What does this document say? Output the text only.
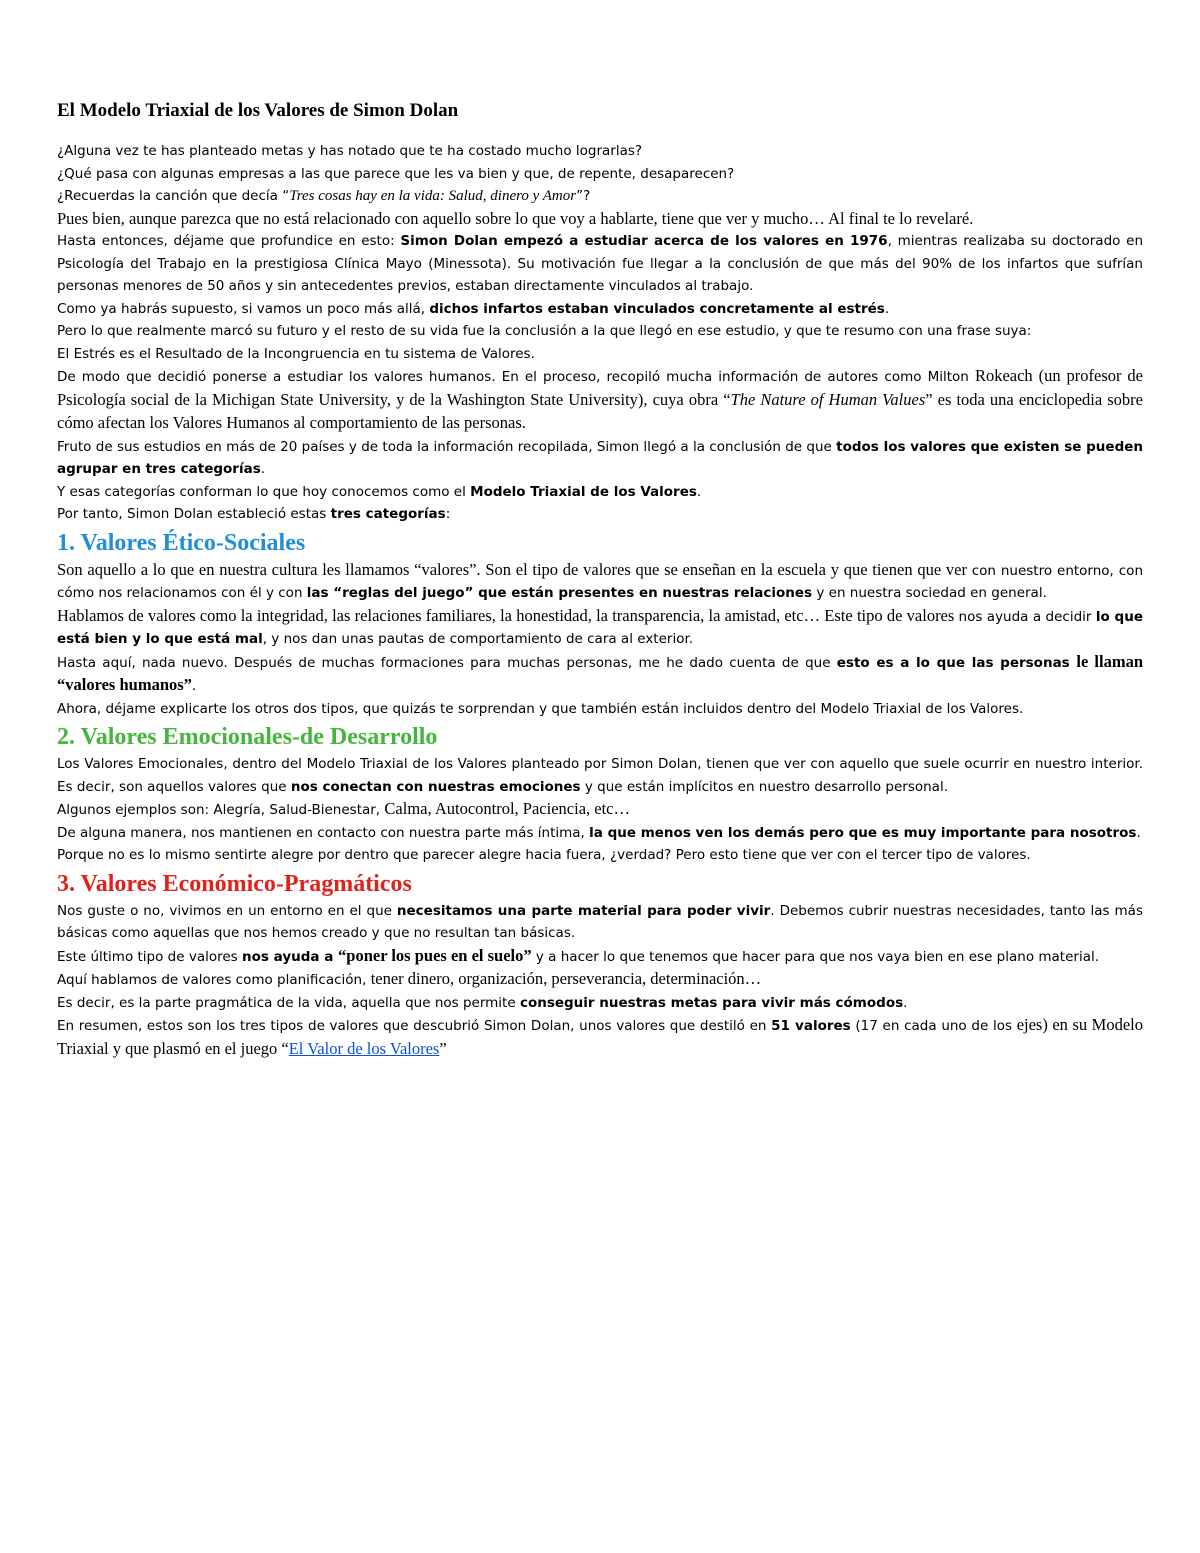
El Modelo Triaxial de los Valores de Simon Dolan

¿Alguna vez te has planteado metas y has notado que te ha costado mucho lograrlas?

¿Qué pasa con algunas empresas a las que parece que les va bien y que, de repente, desaparecen?

¿Recuerdas la canción que decía “Tres cosas hay en la vida: Salud, dinero y Amor”?

Pues bien, aunque parezca que no está relacionado con aquello sobre lo que voy a hablarte, tiene que ver y mucho… Al final te lo revelaré.

Hasta entonces, déjame que profundice en esto: Simon Dolan empezó a estudiar acerca de los valores en 1976, mientras realizaba su doctorado en Psicología del Trabajo en la prestigiosa Clínica Mayo (Minessota). Su motivación fue llegar a la conclusión de que más del 90% de los infartos que sufrían personas menores de 50 años y sin antecedentes previos, estaban directamente vinculados al trabajo.

Como ya habrás supuesto, si vamos un poco más allá, dichos infartos estaban vinculados concretamente al estrés.

Pero lo que realmente marcó su futuro y el resto de su vida fue la conclusión a la que llegó en ese estudio, y que te resumo con una frase suya:

El Estrés es el Resultado de la Incongruencia en tu sistema de Valores.

De modo que decidió ponerse a estudiar los valores humanos. En el proceso, recopiló mucha información de autores como Milton Rokeach (un profesor de Psicología social de la Michigan State University, y de la Washington State University), cuya obra “The Nature of Human Values” es toda una enciclopedia sobre cómo afectan los Valores Humanos al comportamiento de las personas.

Fruto de sus estudios en más de 20 países y de toda la información recopilada, Simon llegó a la conclusión de que todos los valores que existen se pueden agrupar en tres categorías.

Y esas categorías conforman lo que hoy conocemos como el Modelo Triaxial de los Valores.

Por tanto, Simon Dolan estableció estas tres categorías:

1. Valores Ético-Sociales

Son aquello a lo que en nuestra cultura les llamamos “valores”. Son el tipo de valores que se enseñan en la escuela y que tienen que ver con nuestro entorno, con cómo nos relacionamos con él y con las “reglas del juego” que están presentes en nuestras relaciones y en nuestra sociedad en general.

Hablamos de valores como la integridad, las relaciones familiares, la honestidad, la transparencia, la amistad, etc… Este tipo de valores nos ayuda a decidir lo que está bien y lo que está mal, y nos dan unas pautas de comportamiento de cara al exterior.

Hasta aquí, nada nuevo. Después de muchas formaciones para muchas personas, me he dado cuenta de que esto es a lo que las personas le llaman “valores humanos”.

Ahora, déjame explicarte los otros dos tipos, que quizás te sorprendan y que también están incluidos dentro del Modelo Triaxial de los Valores.

2. Valores Emocionales-de Desarrollo

Los Valores Emocionales, dentro del Modelo Triaxial de los Valores planteado por Simon Dolan, tienen que ver con aquello que suele ocurrir en nuestro interior. Es decir, son aquellos valores que nos conectan con nuestras emociones y que están implícitos en nuestro desarrollo personal.

Algunos ejemplos son: Alegría, Salud-Bienestar, Calma, Autocontrol, Paciencia, etc…

De alguna manera, nos mantienen en contacto con nuestra parte más íntima, la que menos ven los demás pero que es muy importante para nosotros.

Porque no es lo mismo sentirte alegre por dentro que parecer alegre hacia fuera, ¿verdad? Pero esto tiene que ver con el tercer tipo de valores.

3. Valores Económico-Pragmáticos

Nos guste o no, vivimos en un entorno en el que necesitamos una parte material para poder vivir. Debemos cubrir nuestras necesidades, tanto las más básicas como aquellas que nos hemos creado y que no resultan tan básicas.

Este último tipo de valores nos ayuda a “poner los pues en el suelo” y a hacer lo que tenemos que hacer para que nos vaya bien en ese plano material.

Aquí hablamos de valores como planificación, tener dinero, organización, perseverancia, determinación…

Es decir, es la parte pragmática de la vida, aquella que nos permite conseguir nuestras metas para vivir más cómodos.

En resumen, estos son los tres tipos de valores que descubrió Simon Dolan, unos valores que destiló en 51 valores (17 en cada uno de los ejes) en su Modelo Triaxial y que plasmó en el juego “El Valor de los Valores”
